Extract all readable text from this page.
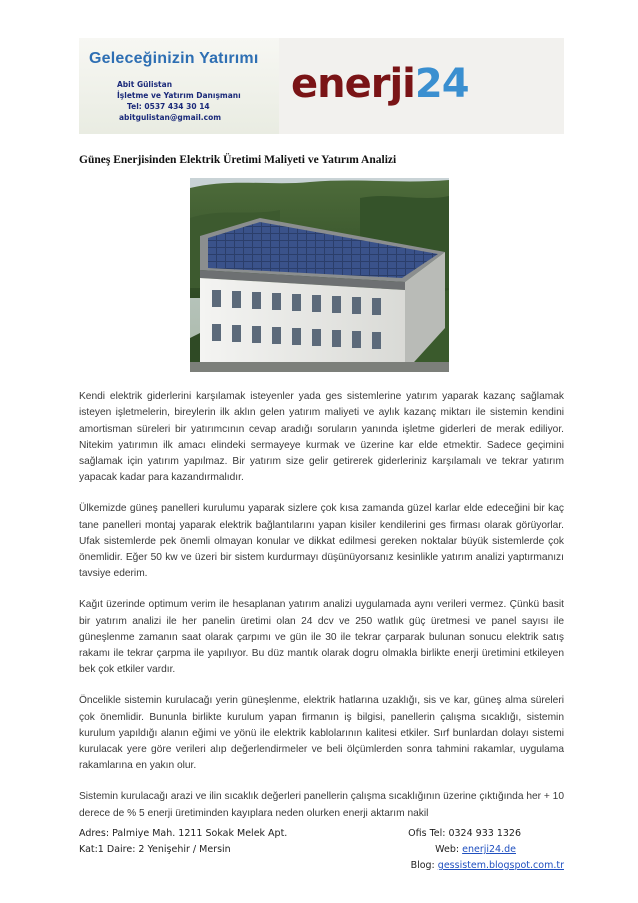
Geleceğinizin Yatırımı
Abit Gülistan
İşletme ve Yatırım Danışmanı
Tel: 0537 434 30 14
abitgulistan@gmail.com
enerji24
Güneş Enerjisinden Elektrik Üretimi Maliyeti ve Yatırım Analizi

Kendi elektrik giderlerini karşılamak isteyenler yada ges sistemlerine yatırım yaparak kazanç sağlamak isteyen işletmelerin, bireylerin ilk aklın gelen yatırım maliyeti ve aylık kazanç miktarı ile sistemin kendini amortisman süreleri bir yatırımcının cevap aradığı soruların yanında işletme giderleri de merak ediliyor. Nitekim yatırımın ilk amacı elindeki sermayeye kurmak ve üzerine kar elde etmektir. Sadece geçimini sağlamak için yatırım yapılmaz. Bir yatırım size gelir getirerek giderleriniz karşılamalı ve tekrar yatırım yapacak kadar para kazandırmalıdır.

Ülkemizde güneş panelleri kurulumu yaparak sizlere çok kısa zamanda güzel karlar elde edeceğini bir kaç tane panelleri montaj yaparak elektrik bağlantılarını yapan kisiler kendilerini ges firması olarak görüyorlar. Ufak sistemlerde pek önemli olmayan konular ve dikkat edilmesi gereken noktalar büyük sistemlerde çok önemlidir. Eğer 50 kw ve üzeri bir sistem kurdurmayı düşünüyorsanız kesinlikle yatırım analizi yaptırmanızı tavsiye ederim.

Kağıt üzerinde optimum verim ile hesaplanan yatırım analizi uygulamada aynı verileri vermez. Çünkü basit bir yatırım analizi ile her panelin üretimi olan 24 dcv ve 250 watlık güç üretmesi ve panel sayısı ile güneşlenme zamanın saat olarak çarpımı ve gün ile 30 ile tekrar çarparak bulunan sonucu elektrik satış rakamı ile tekrar çarpma ile yapılıyor. Bu düz mantık olarak dogru olmakla birlikte enerji üretimini etkileyen bek çok etkiler vardır.

Öncelikle sistemin kurulacağı yerin güneşlenme, elektrik hatlarına uzaklığı, sis ve kar, güneş alma süreleri çok önemlidir. Bununla birlikte kurulum yapan firmanın iş bilgisi, panellerin çalışma sıcaklığı, sistemin kurulum yapıldığı alanın eğimi ve yönü ile elektrik kablolarının kalitesi etkiler. Sırf bunlardan dolayı sistemi kurulacak yere göre verileri alıp değerlendirmeler ve beli ölçümlerden sonra tahmini rakamlar, uygulama rakamlarına en yakın olur.

Sistemin kurulacağı arazi ve ilin sıcaklık değerleri panellerin çalışma sıcaklığının üzerine çıktığında her + 10 derece de % 5 enerji üretiminden kayıplara neden olurken enerji aktarım nakil

Adres: Palmiye Mah. 1211 Sokak Melek Apt.
Kat:1 Daire: 2 Yenişehir / Mersin
Ofis Tel: 0324 933 1326
Web: enerji24.de
Blog: gessistem.blogspot.com.tr
